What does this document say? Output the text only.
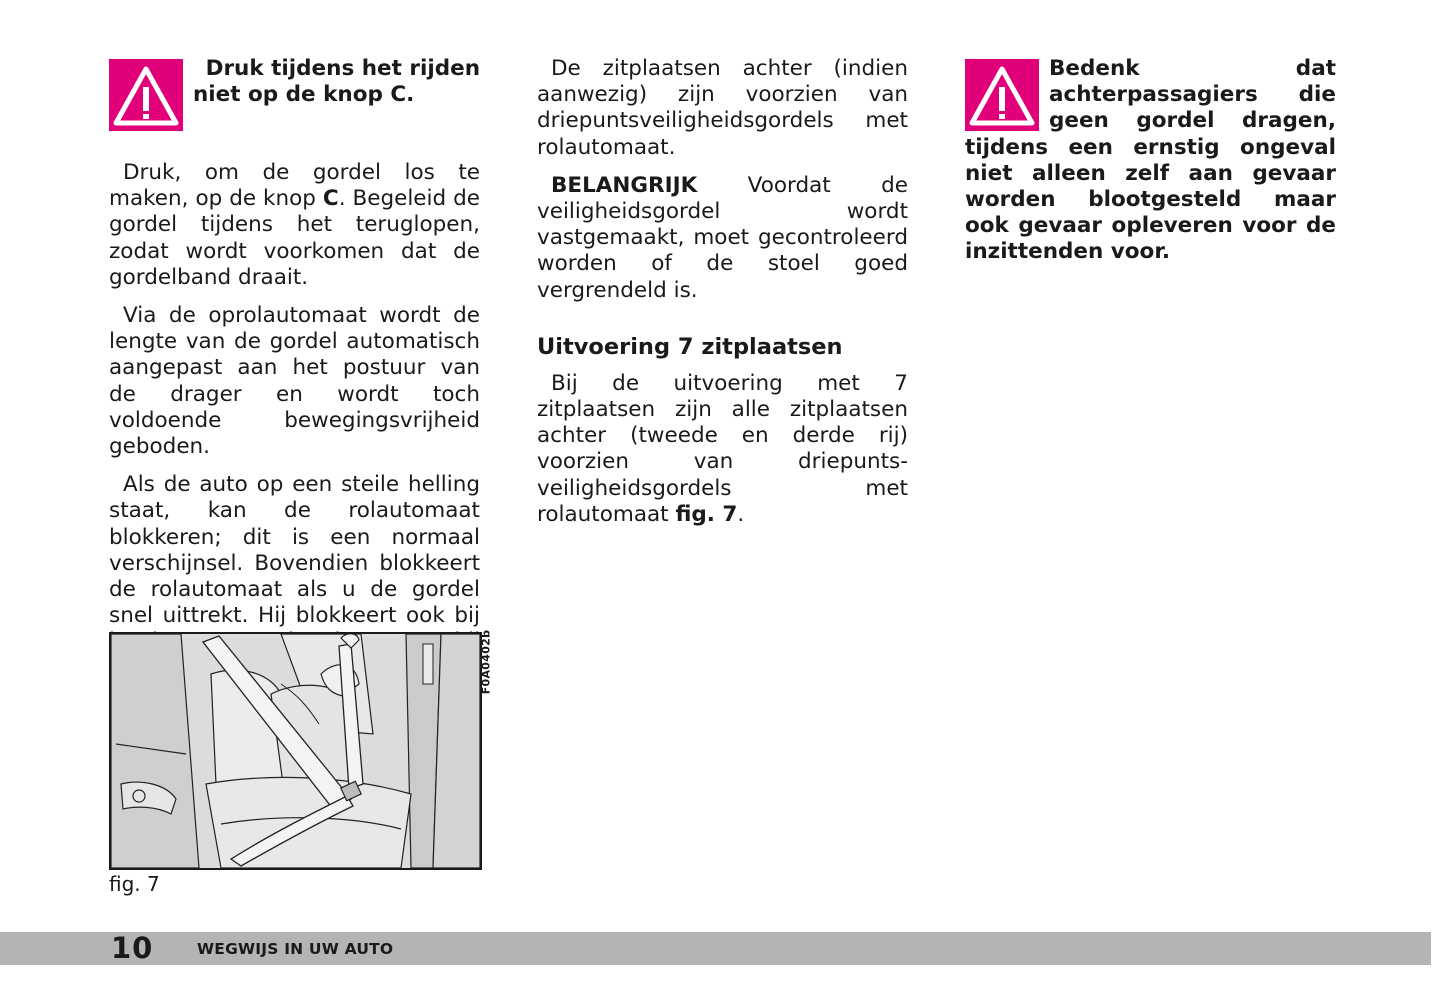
Druk tijdens het rijden
niet op de knop C.

Druk, om de gordel los te maken, op de knop C. Begeleid de gordel tijdens het teruglopen, zodat wordt voorkomen dat de gordelband draait.

Via de oprolautomaat wordt de lengte van de gordel automatisch aangepast aan het postuur van de drager en wordt toch voldoende bewegingsvrijheid geboden.

Als de auto op een steile helling staat, kan de rolautomaat blokkeren; dit is een normaal verschijnsel. Bovendien blokkeert de rolautomaat als u de gordel snel uittrekt. Hij blokkeert ook bij

De zitplaatsen achter (indien aanwezig) zijn voorzien van driepuntsveiligheidsgordels met rolautomaat.

BELANGRIJK Voordat de veiligheidsgordel wordt vastgemaakt, moet gecontroleerd worden of de stoel goed vergrendeld is.

Uitvoering 7 zitplaatsen

Bij de uitvoering met 7 zitplaatsen zijn alle zitplaatsen achter (tweede en derde rij) voorzien van driepunts-veiligheidsgordels met rolautomaat fig. 7.

Bedenk dat achterpassagiers die geen gordel dragen, tijdens een ernstig ongeval niet alleen zelf aan gevaar worden blootgesteld maar ook gevaar opleveren voor de inzittenden voor.
F0A0402b
fig. 7
10	WEGWIJS IN UW AUTO
